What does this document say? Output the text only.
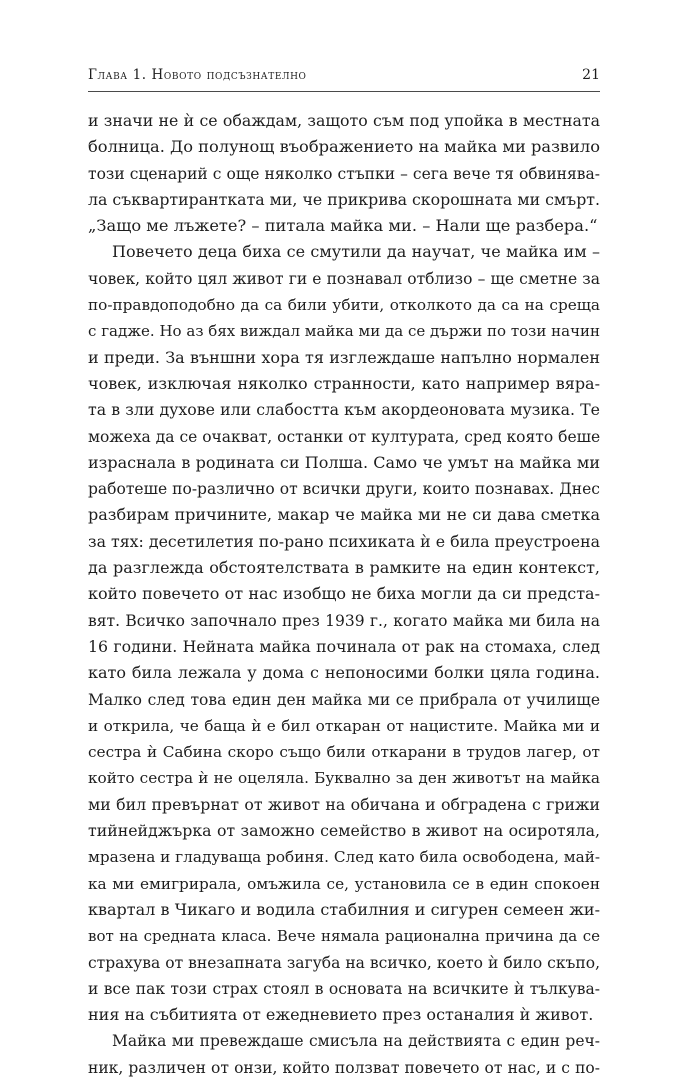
Глава 1. Новото подсъзнателно	21
и значи не ѝ се обаждам, защото съм под упойка в местната
болница. До полунощ въображението на майка ми развило
този сценарий с още няколко стъпки – сега вече тя обвинява-
ла съквартирантката ми, че прикрива скорошната ми смърт.
„Защо ме лъжете? – питала майка ми. – Нали ще разбера.“
Повечето деца биха се смутили да научат, че майка им –
човек, който цял живот ги е познавал отблизо – ще сметне за
по-правдоподобно да са били убити, отколкото да са на среща
с гадже. Но аз бях виждал майка ми да се държи по този начин
и преди. За външни хора тя изглеждаше напълно нормален
човек, изключая няколко странности, като например вяра-
та в зли духове или слабостта към акордеоновата музика. Те
можеха да се очакват, останки от културата, сред която беше
израснала в родината си Полша. Само че умът на майка ми
работеше по-различно от всички други, които познавах. Днес
разбирам причините, макар че майка ми не си дава сметка
за тях: десетилетия по-рано психиката ѝ е била преустроена
да разглежда обстоятелствата в рамките на един контекст,
който повечето от нас изобщо не биха могли да си предста-
вят. Всичко започнало през 1939 г., когато майка ми била на
16 години. Нейната майка починала от рак на стомаха, след
като била лежала у дома с непоносими болки цяла година.
Малко след това един ден майка ми се прибрала от училище
и открила, че баща ѝ е бил откаран от нацистите. Майка ми и
сестра ѝ Сабина скоро също били откарани в трудов лагер, от
който сестра ѝ не оцеляла. Буквално за ден животът на майка
ми бил превърнат от живот на обичана и обградена с грижи
тийнейджърка от заможно семейство в живот на осиротяла,
мразена и гладуваща робиня. След като била освободена, май-
ка ми емигрирала, омъжила се, установила се в един спокоен
квартал в Чикаго и водила стабилния и сигурен семеен жи-
вот на средната класа. Вече нямала рационална причина да се
страхува от внезапната загуба на всичко, което ѝ било скъпо,
и все пак този страх стоял в основата на всичките ѝ тълкува-
ния на събитията от ежедневието през останалия ѝ живот.
Майка ми превеждаше смисъла на действията с един реч-
ник, различен от онзи, който ползват повечето от нас, и с по-
